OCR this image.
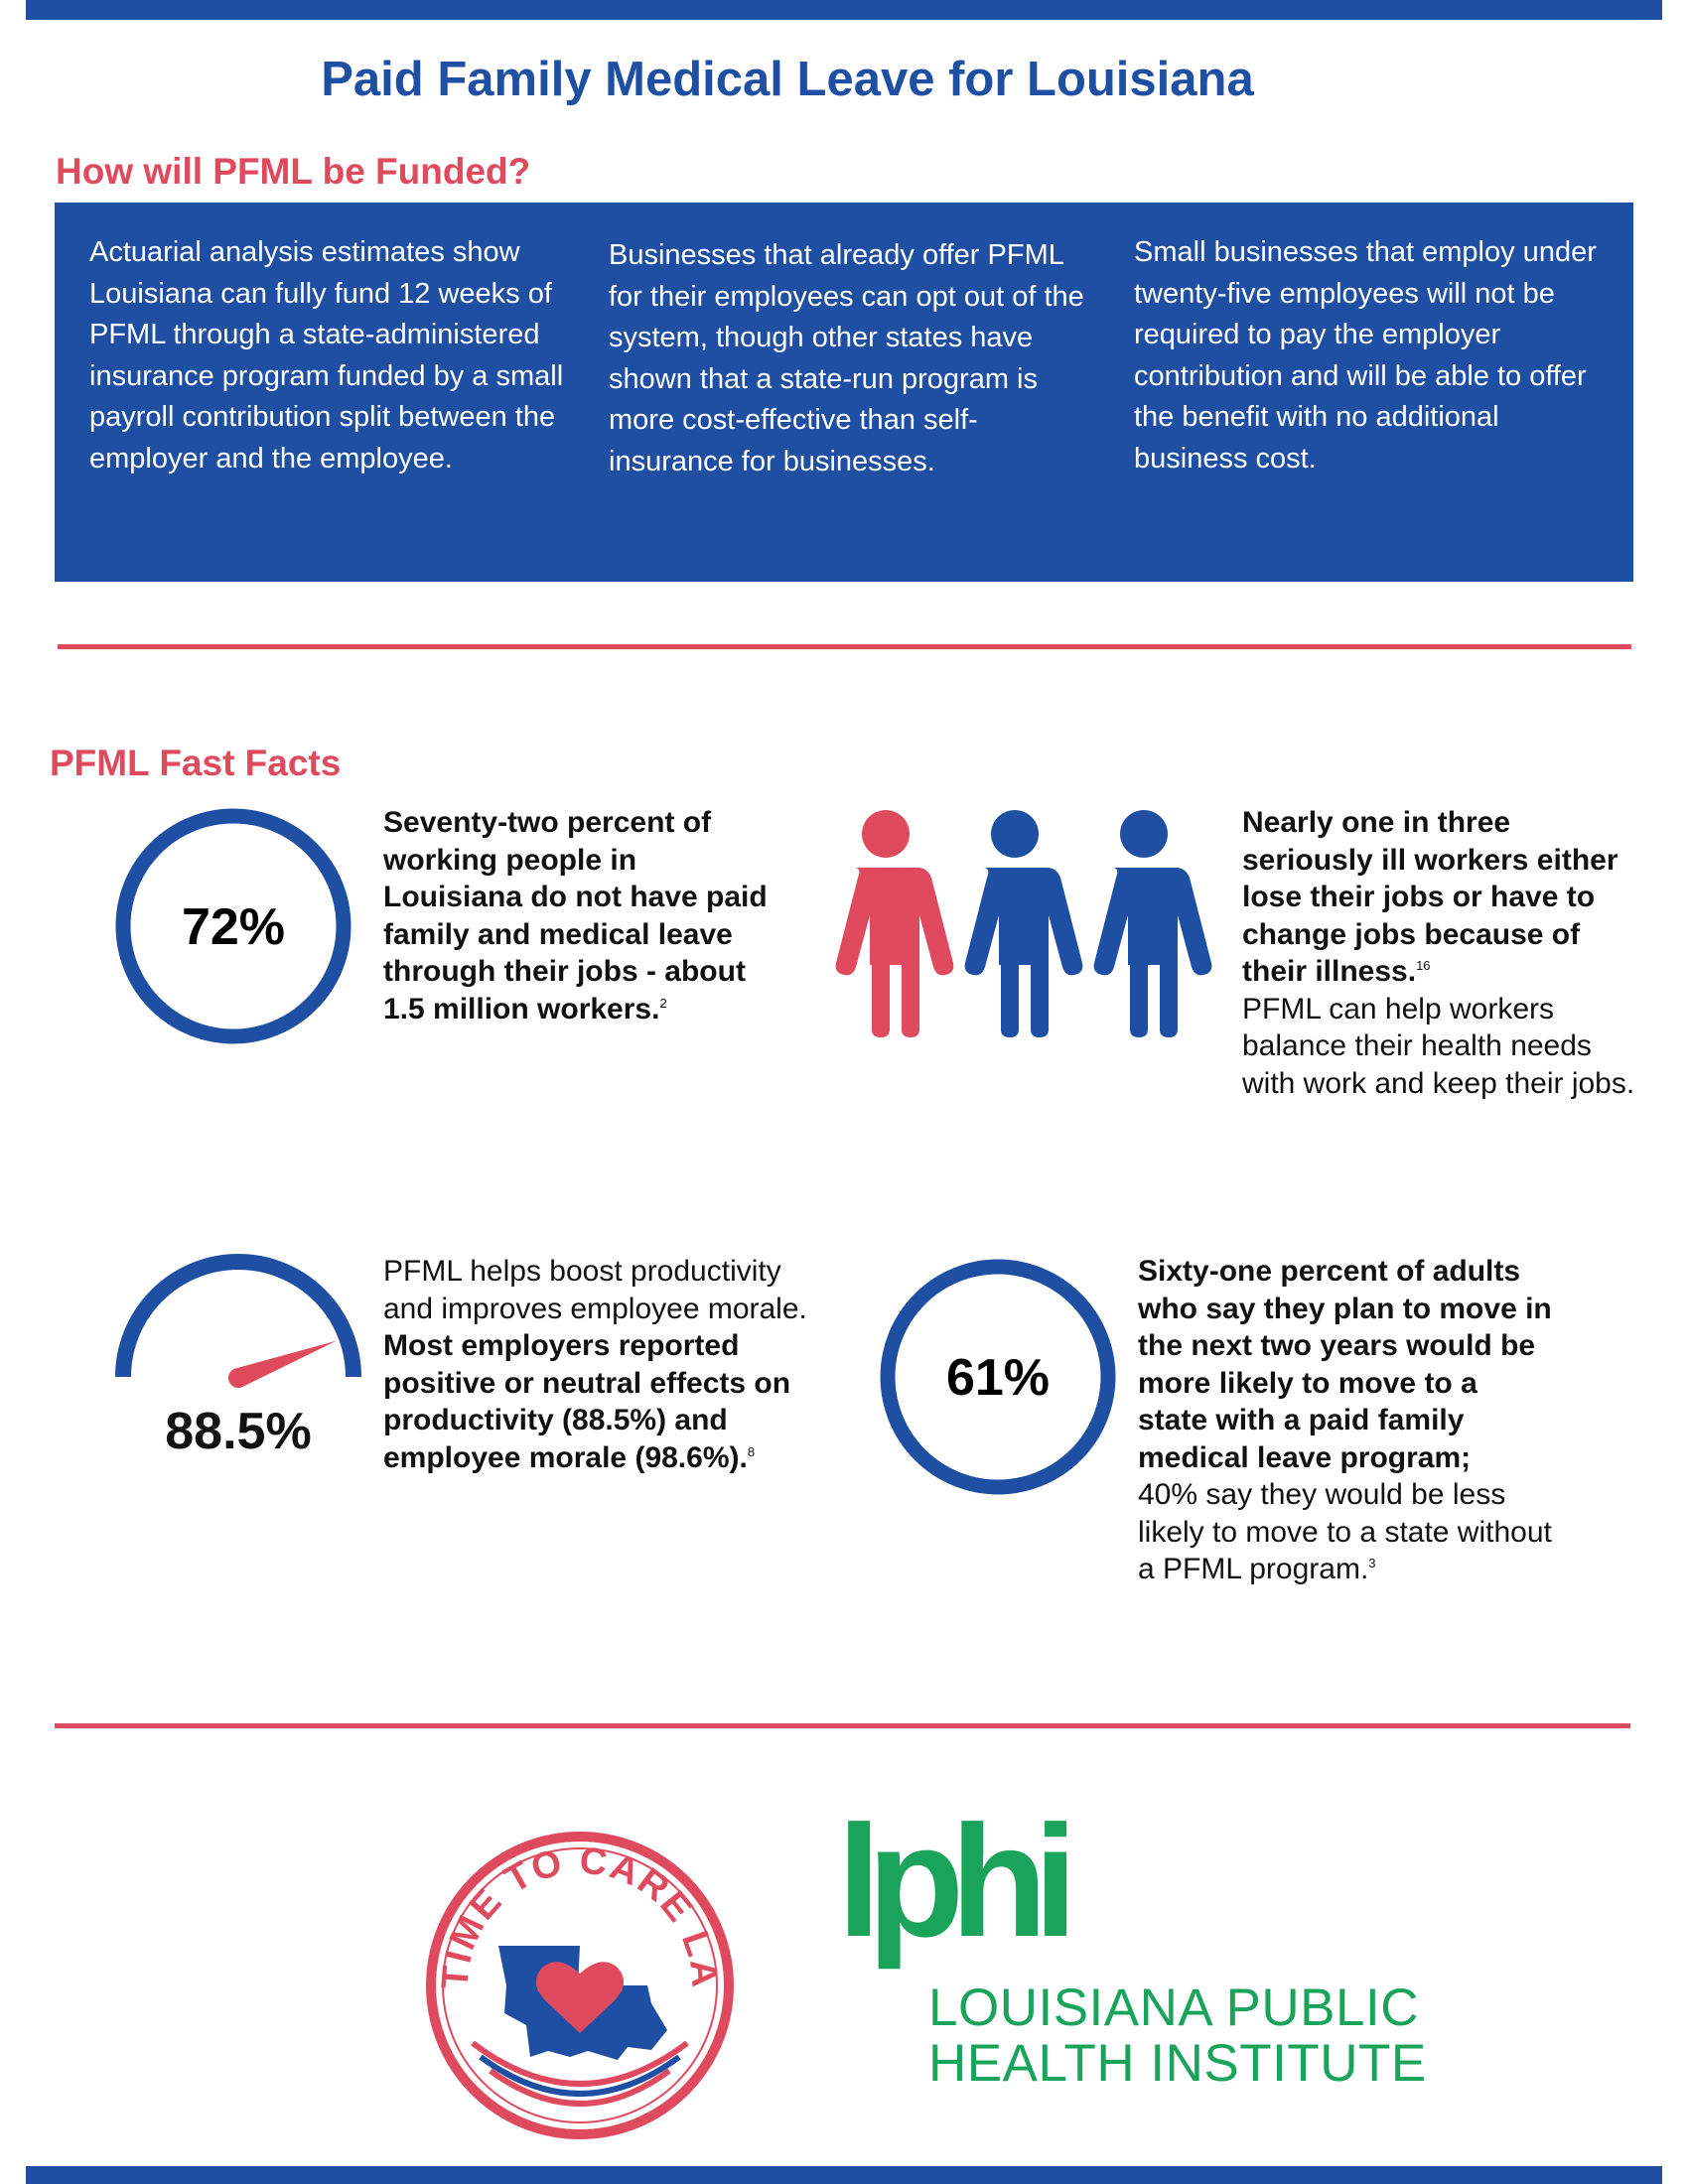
Paid Family Medical Leave for Louisiana
How will PFML be Funded?
Actuarial analysis estimates show Louisiana can fully fund 12 weeks of PFML through a state-administered insurance program funded by a small payroll contribution split between the employer and the employee.
Businesses that already offer PFML for their employees can opt out of the system, though other states have shown that a state-run program is more cost-effective than self-insurance for businesses.
Small businesses that employ under twenty-five employees will not be required to pay the employer contribution and will be able to offer the benefit with no additional business cost.
PFML Fast Facts
72%
Seventy-two percent of working people in Louisiana do not have paid family and medical leave through their jobs - about 1.5 million workers.$^2$
Nearly one in three seriously ill workers either lose their jobs or have to change jobs because of their illness.$^{16}$
PFML can help workers balance their health needs with work and keep their jobs.
88.5%
PFML helps boost productivity and improves employee morale.
Most employers reported positive or neutral effects on productivity (88.5%) and employee morale (98.6%).$^8$
61%
Sixty-one percent of adults who say they plan to move in the next two years would be more likely to move to a state with a paid family medical leave program;
40% say they would be less likely to move to a state without a PFML program.$^3$
TIME TO CARE LA
lphi
LOUISIANA PUBLIC
HEALTH INSTITUTE
